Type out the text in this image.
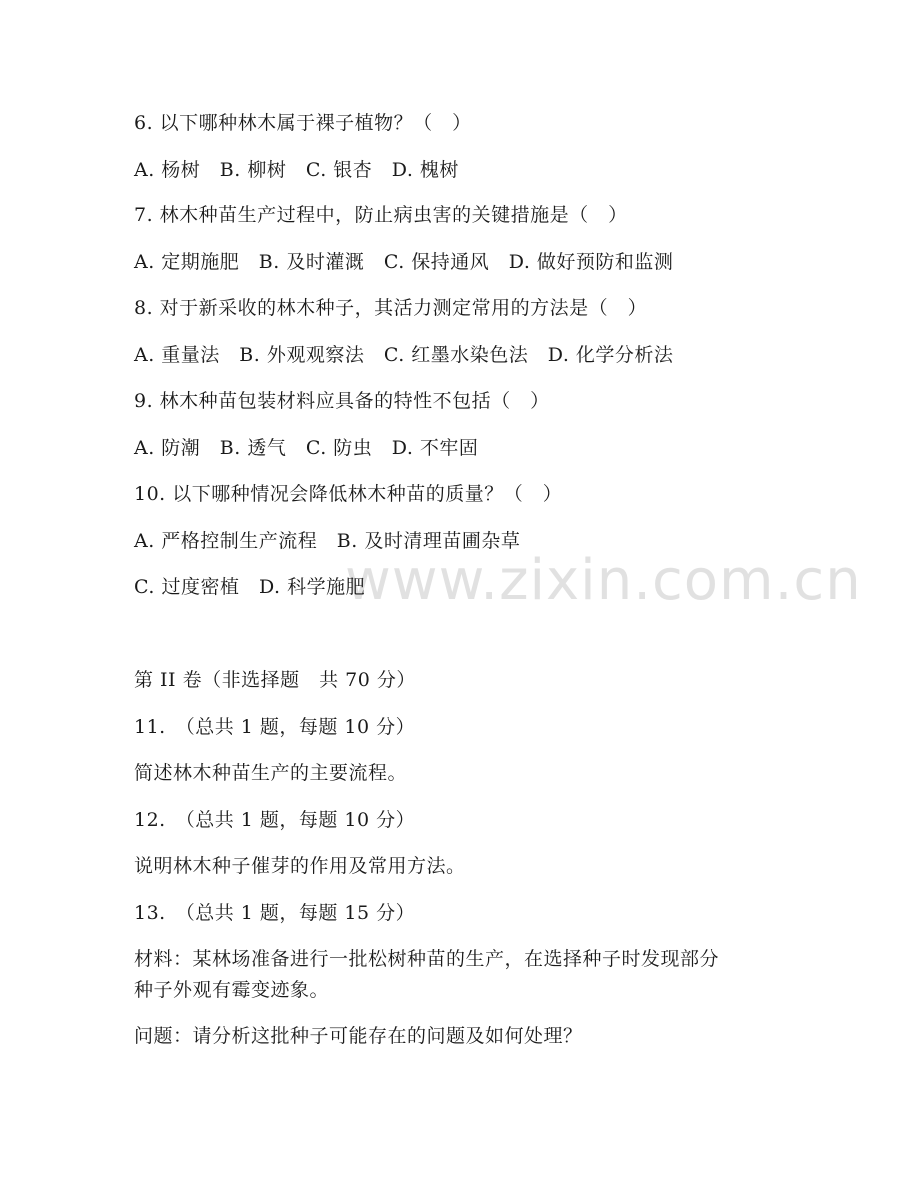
www.zixin.com.cn
6. 以下哪种林木属于裸子植物？（　）
A. 杨树　B. 柳树　C. 银杏　D. 槐树
7. 林木种苗生产过程中，防止病虫害的关键措施是（　）
A. 定期施肥　B. 及时灌溉　C. 保持通风　D. 做好预防和监测
8. 对于新采收的林木种子，其活力测定常用的方法是（　）
A. 重量法　B. 外观观察法　C. 红墨水染色法　D. 化学分析法
9. 林木种苗包装材料应具备的特性不包括（　）
A. 防潮　B. 透气　C. 防虫　D. 不牢固
10. 以下哪种情况会降低林木种苗的质量？（　）
A. 严格控制生产流程　B. 及时清理苗圃杂草
C. 过度密植　D. 科学施肥
第 II 卷（非选择题　共 70 分）
11.　（总共 1 题，每题 10 分）
简述林木种苗生产的主要流程。
12.　（总共 1 题，每题 10 分）
说明林木种子催芽的作用及常用方法。
13.　（总共 1 题，每题 15 分）
材料：某林场准备进行一批松树种苗的生产，在选择种子时发现部分
种子外观有霉变迹象。
问题：请分析这批种子可能存在的问题及如何处理？
